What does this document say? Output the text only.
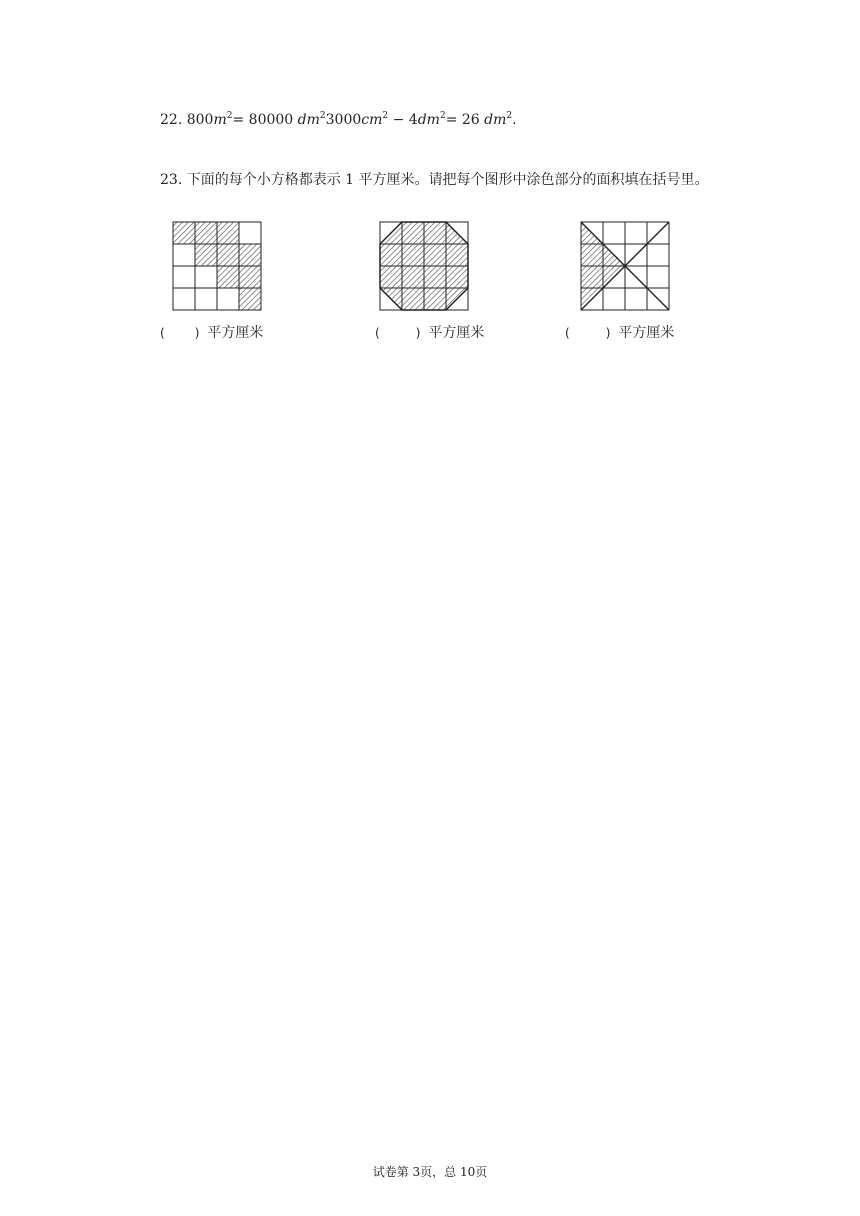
22. $800m^2= 80000$ $dm^23000cm^2 - 4dm^2= 26$ $dm^2$.
23. 下面的每个小方格都表示 1 平方厘米。请把每个图形中涂色部分的面积填在括号里。
(	) 平方厘米	(	) 平方厘米	(	) 平方厘米
试卷第 3页，总 10页
